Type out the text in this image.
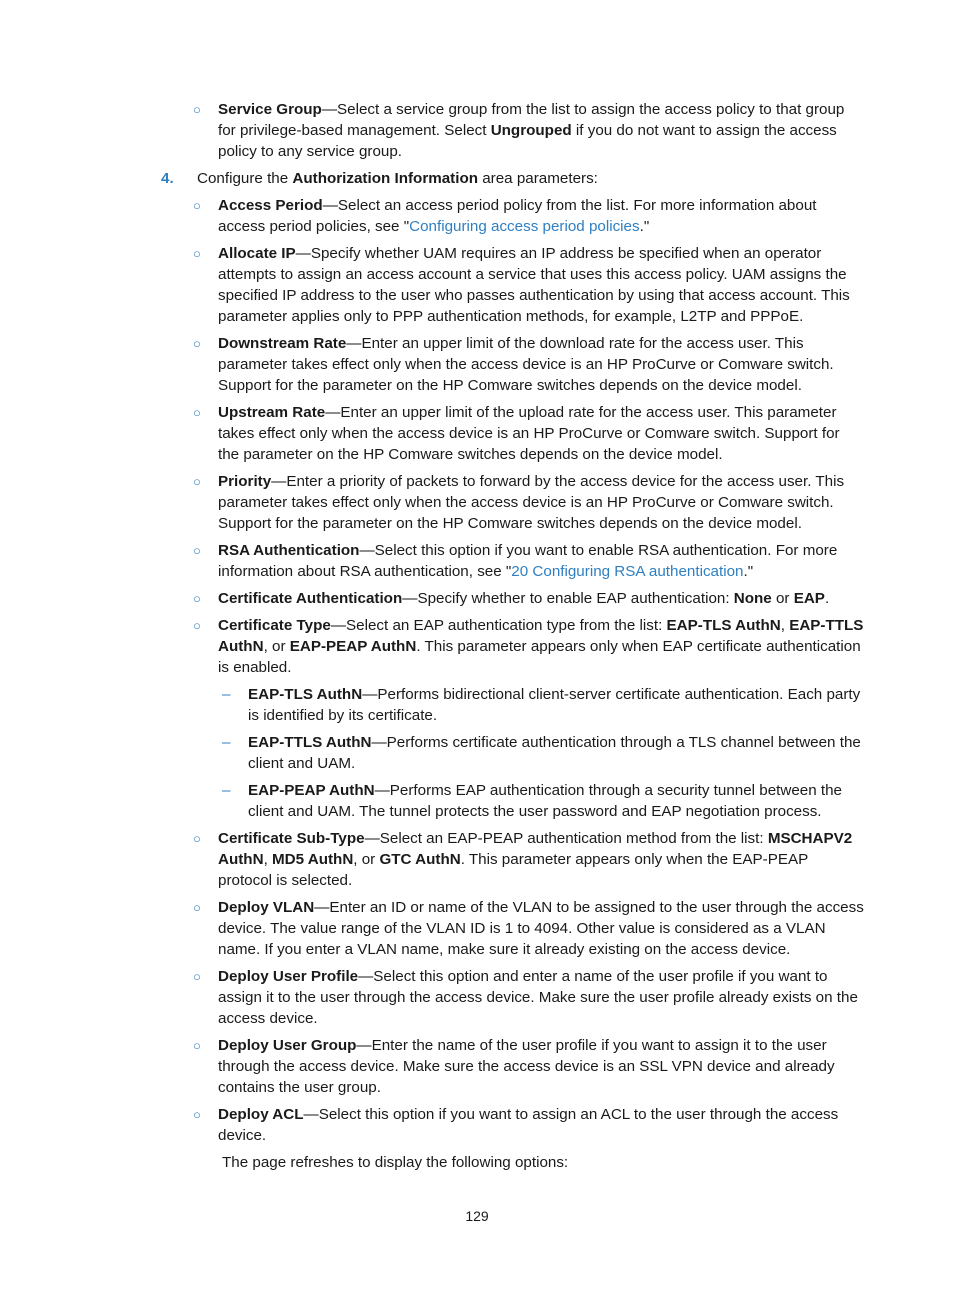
○ Service Group—Select a service group from the list to assign the access policy to that group for privilege-based management. Select Ungrouped if you do not want to assign the access policy to any service group.
4. Configure the Authorization Information area parameters:
○ Access Period—Select an access period policy from the list. For more information about access period policies, see "Configuring access period policies."
○ Allocate IP—Specify whether UAM requires an IP address be specified when an operator attempts to assign an access account a service that uses this access policy. UAM assigns the specified IP address to the user who passes authentication by using that access account. This parameter applies only to PPP authentication methods, for example, L2TP and PPPoE.
○ Downstream Rate—Enter an upper limit of the download rate for the access user. This parameter takes effect only when the access device is an HP ProCurve or Comware switch. Support for the parameter on the HP Comware switches depends on the device model.
○ Upstream Rate—Enter an upper limit of the upload rate for the access user. This parameter takes effect only when the access device is an HP ProCurve or Comware switch. Support for the parameter on the HP Comware switches depends on the device model.
○ Priority—Enter a priority of packets to forward by the access device for the access user. This parameter takes effect only when the access device is an HP ProCurve or Comware switch. Support for the parameter on the HP Comware switches depends on the device model.
○ RSA Authentication—Select this option if you want to enable RSA authentication. For more information about RSA authentication, see "20 Configuring RSA authentication."
○ Certificate Authentication—Specify whether to enable EAP authentication: None or EAP.
○ Certificate Type—Select an EAP authentication type from the list: EAP-TLS AuthN, EAP-TTLS AuthN, or EAP-PEAP AuthN. This parameter appears only when EAP certificate authentication is enabled.
– EAP-TLS AuthN—Performs bidirectional client-server certificate authentication. Each party is identified by its certificate.
– EAP-TTLS AuthN—Performs certificate authentication through a TLS channel between the client and UAM.
– EAP-PEAP AuthN—Performs EAP authentication through a security tunnel between the client and UAM. The tunnel protects the user password and EAP negotiation process.
○ Certificate Sub-Type—Select an EAP-PEAP authentication method from the list: MSCHAPV2 AuthN, MD5 AuthN, or GTC AuthN. This parameter appears only when the EAP-PEAP protocol is selected.
○ Deploy VLAN—Enter an ID or name of the VLAN to be assigned to the user through the access device. The value range of the VLAN ID is 1 to 4094. Other value is considered as a VLAN name. If you enter a VLAN name, make sure it already existing on the access device.
○ Deploy User Profile—Select this option and enter a name of the user profile if you want to assign it to the user through the access device. Make sure the user profile already exists on the access device.
○ Deploy User Group—Enter the name of the user profile if you want to assign it to the user through the access device. Make sure the access device is an SSL VPN device and already contains the user group.
○ Deploy ACL—Select this option if you want to assign an ACL to the user through the access device.
The page refreshes to display the following options:
129
